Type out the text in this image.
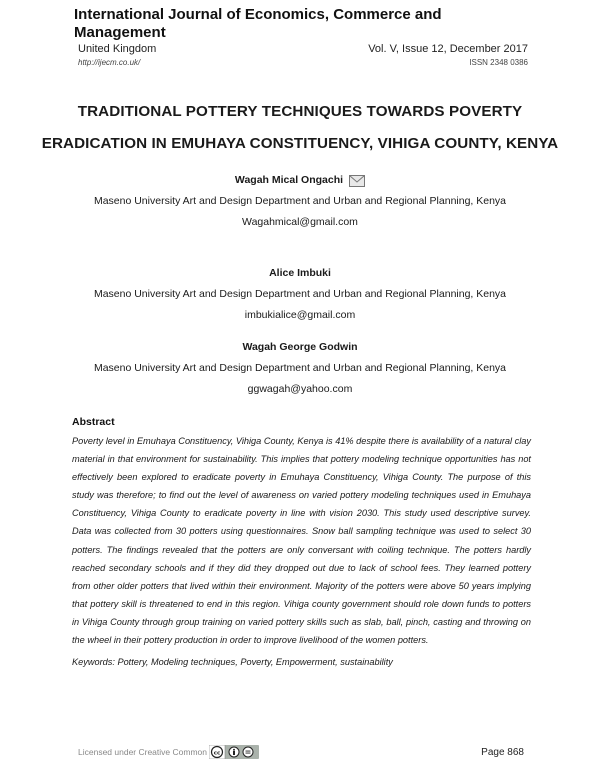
International Journal of Economics, Commerce and Management
United Kingdom	Vol. V, Issue 12, December 2017
http://ijecm.co.uk/	ISSN 2348 0386
TRADITIONAL POTTERY TECHNIQUES TOWARDS POVERTY
ERADICATION IN EMUHAYA CONSTITUENCY, VIHIGA COUNTY, KENYA
Wagah Mical Ongachi
Maseno University Art and Design Department and Urban and Regional Planning, Kenya
Wagahmical@gmail.com
Alice Imbuki
Maseno University Art and Design Department and Urban and Regional Planning, Kenya
imbukialice@gmail.com
Wagah George Godwin
Maseno University Art and Design Department and Urban and Regional Planning, Kenya
ggwagah@yahoo.com
Abstract

Poverty level in Emuhaya Constituency, Vihiga County, Kenya is 41% despite there is availability of a natural clay material in that environment for sustainability. This implies that pottery modeling technique opportunities has not effectively been explored to eradicate poverty in Emuhaya Constituency, Vihiga County. The purpose of this study was therefore; to find out the level of awareness on varied pottery modeling techniques used in Emuhaya Constituency, Vihiga County to eradicate poverty in line with vision 2030. This study used descriptive survey. Data was collected from 30 potters using questionnaires. Snow ball sampling technique was used to select 30 potters. The findings revealed that the potters are only conversant with coiling technique. The potters hardly reached secondary schools and if they did they dropped out due to lack of school fees. They learned pottery from other older potters that lived within their environment. Majority of the potters were above 50 years implying that pottery skill is threatened to end in this region. Vihiga county government should role down funds to potters in Vihiga County through group training on varied pottery skills such as slab, ball, pinch, casting and throwing on the wheel in their pottery production in order to improve livelihood of the women potters.

Keywords: Pottery, Modeling techniques, Poverty, Empowerment, sustainability
Licensed under Creative Common cc	Page 868
